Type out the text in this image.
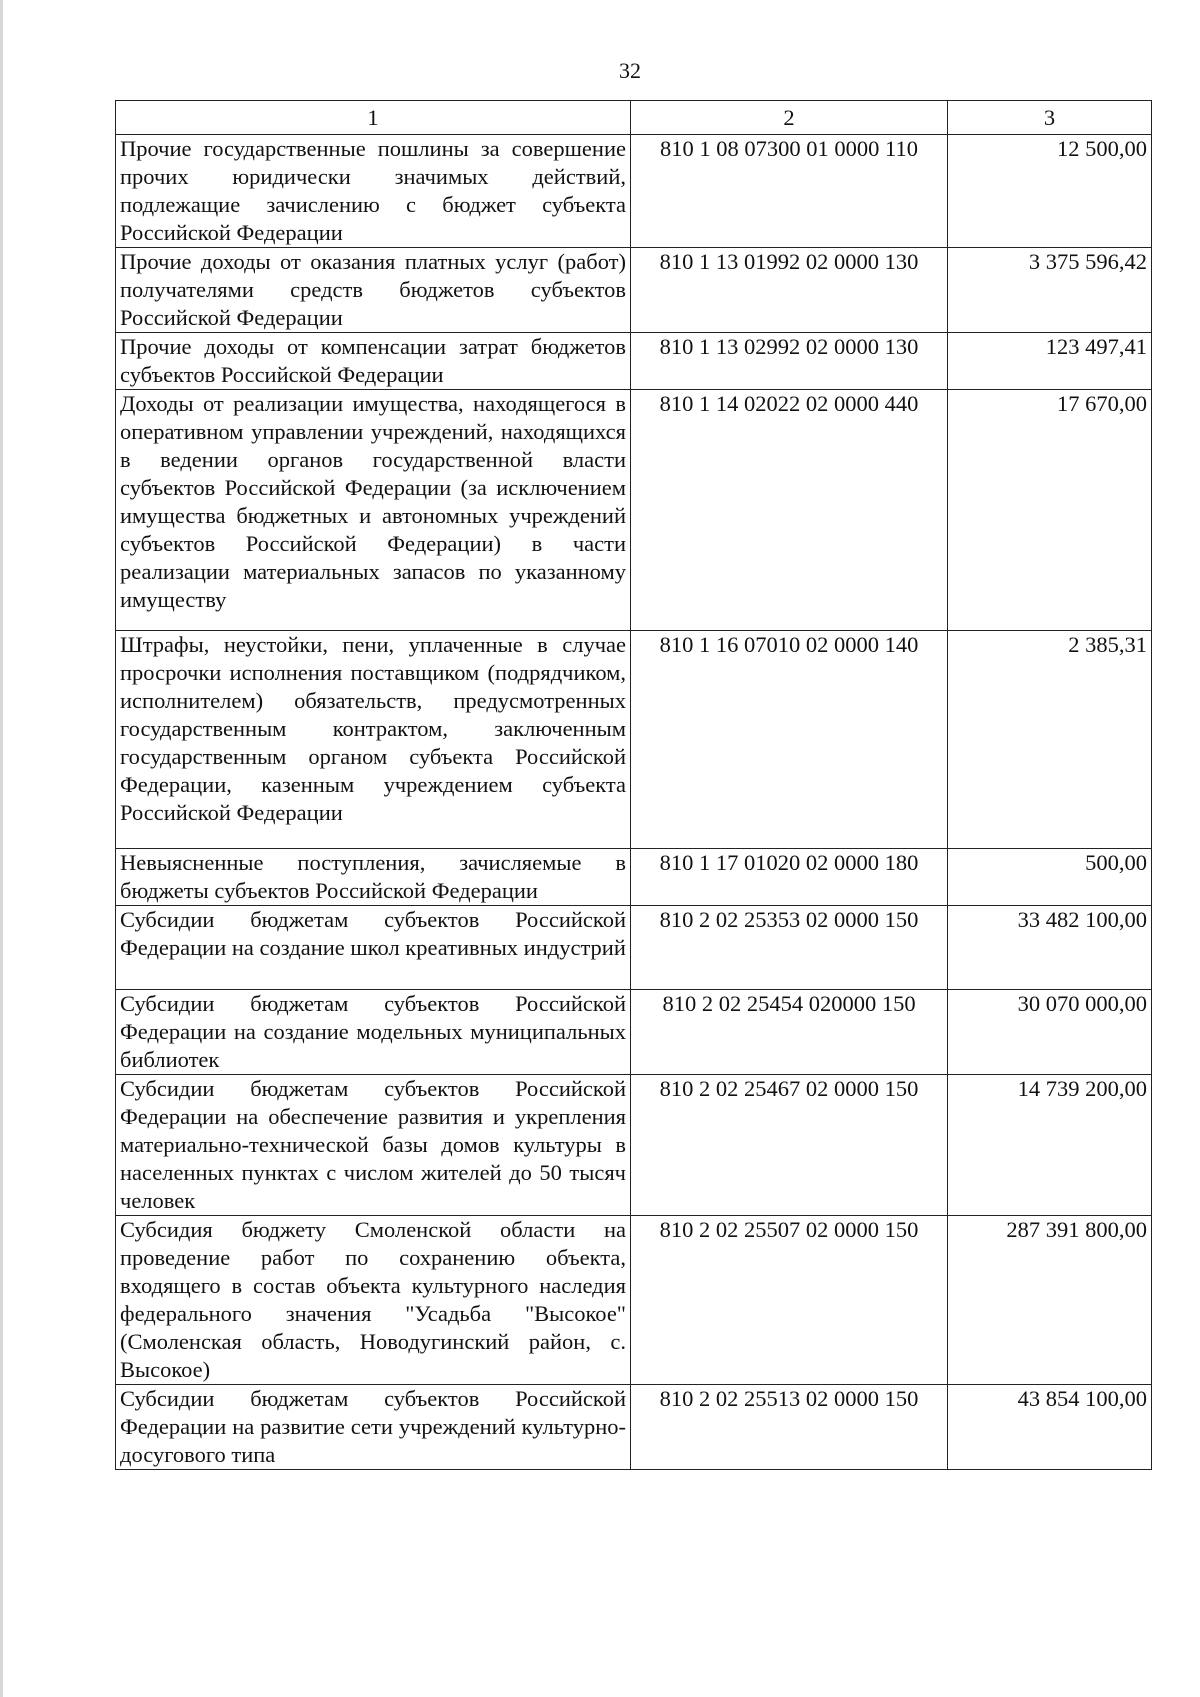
32
1	2	3
Прочие государственные пошлины за совершение прочих юридически значимых действий, подлежащие зачислению с бюджет субъекта Российской Федерации	810 1 08 07300 01 0000 110	12 500,00
Прочие доходы от оказания платных услуг (работ) получателями средств бюджетов субъектов Российской Федерации	810 1 13 01992 02 0000 130	3 375 596,42
Прочие доходы от компенсации затрат бюджетов субъектов Российской Федерации	810 1 13 02992 02 0000 130	123 497,41
Доходы от реализации имущества, находящегося в оперативном управлении учреждений, находящихся в ведении органов государственной власти субъектов Российской Федерации (за исключением имущества бюджетных и автономных учреждений субъектов Российской Федерации) в части реализации материальных запасов по указанному имуществу	810 1 14 02022 02 0000 440	17 670,00
Штрафы, неустойки, пени, уплаченные в случае просрочки исполнения поставщиком (подрядчиком, исполнителем) обязательств, предусмотренных государственным контрактом, заключенным государственным органом субъекта Российской Федерации, казенным учреждением субъекта Российской Федерации	810 1 16 07010 02 0000 140	2 385,31
Невыясненные поступления, зачисляемые в бюджеты субъектов Российской Федерации	810 1 17 01020 02 0000 180	500,00
Субсидии бюджетам субъектов Российской Федерации на создание школ креативных индустрий	810 2 02 25353 02 0000 150	33 482 100,00
Субсидии бюджетам субъектов Российской Федерации на создание модельных муниципальных библиотек	810 2 02 25454 020000 150	30 070 000,00
Субсидии бюджетам субъектов Российской Федерации на обеспечение развития и укрепления материально-технической базы домов культуры в населенных пунктах с числом жителей до 50 тысяч человек	810 2 02 25467 02 0000 150	14 739 200,00
Субсидия бюджету Смоленской области на проведение работ по сохранению объекта, входящего в состав объекта культурного наследия федерального значения "Усадьба "Высокое" (Смоленская область, Новодугинский район, с. Высокое)	810 2 02 25507 02 0000 150	287 391 800,00
Субсидии бюджетам субъектов Российской Федерации на развитие сети учреждений культурно-досугового типа	810 2 02 25513 02 0000 150	43 854 100,00
